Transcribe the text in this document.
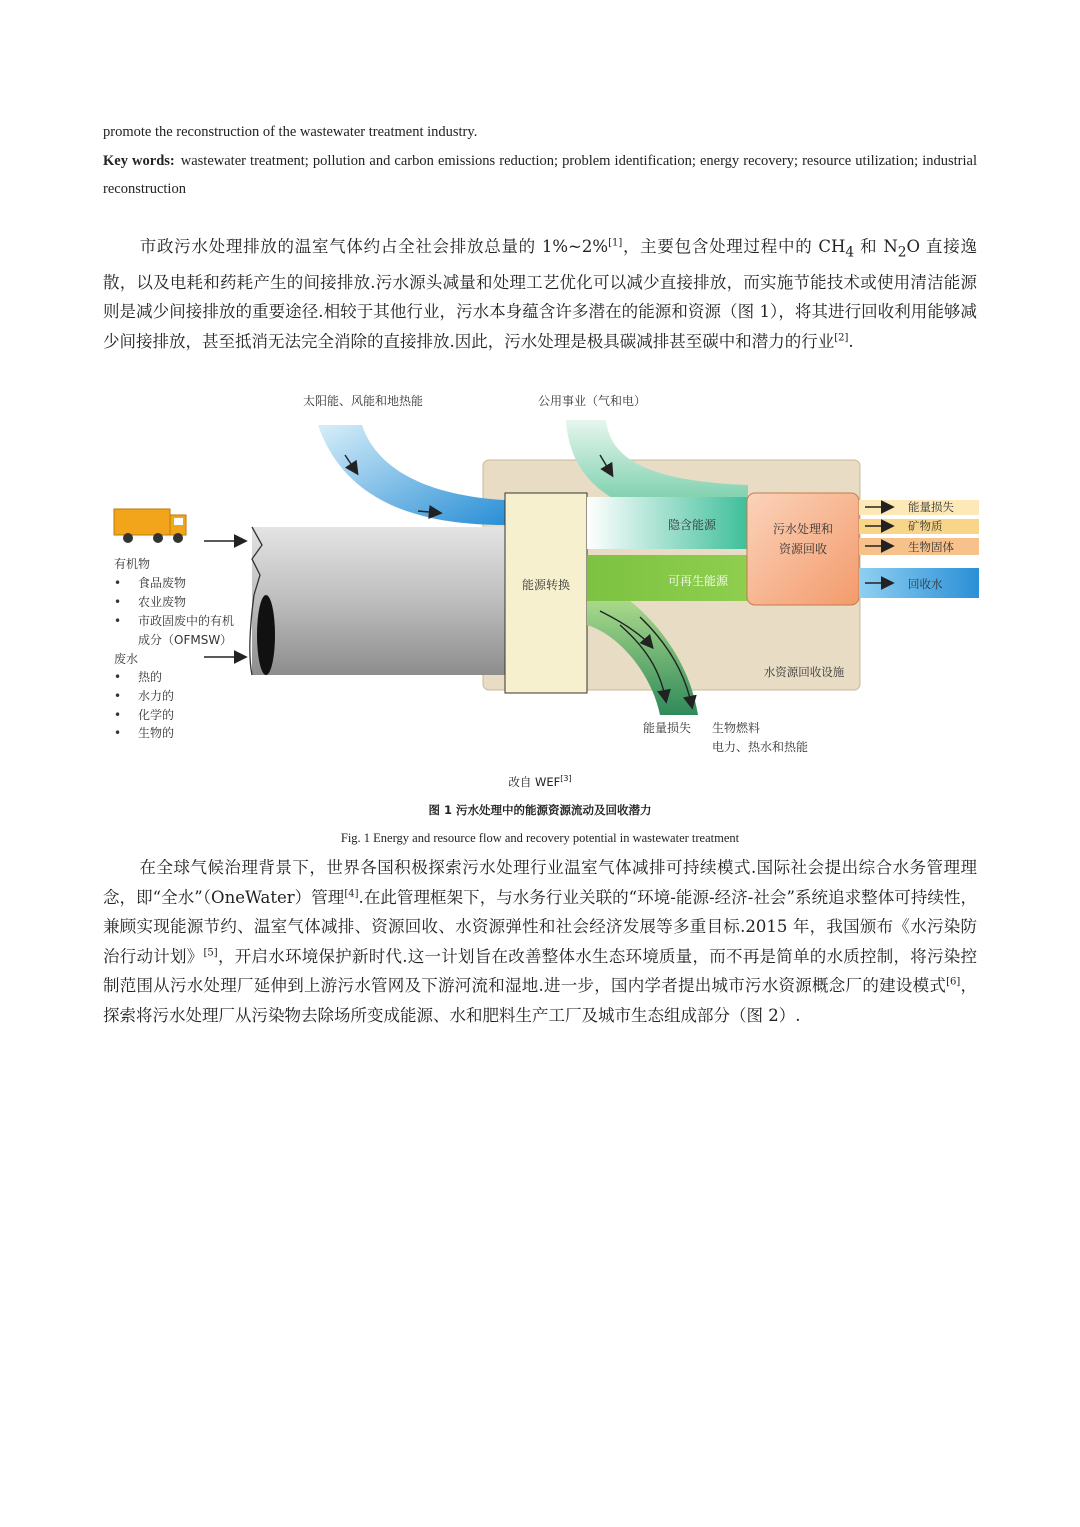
promote the reconstruction of the wastewater treatment industry.
Key words: wastewater treatment; pollution and carbon emissions reduction; problem identification; energy recovery; resource utilization; industrial reconstruction
市政污水处理排放的温室气体约占全社会排放总量的 1%~2%[1]，主要包含处理过程中的 $CH_4$ 和 $N_2O$ 直接逸散，以及电耗和药耗产生的间接排放.污水源头减量和处理工艺优化可以减少直接排放，而实施节能技术或使用清洁能源则是减少间接排放的重要途径.相较于其他行业，污水本身蕴含许多潜在的能源和资源（图 1），将其进行回收利用能够减少间接排放，甚至抵消无法完全消除的直接排放.因此，污水处理是极具碳减排甚至碳中和潜力的行业[2].
能源转换
隐含能源
可再生能源
污水处理和
资源回收
能量损失
矿物质
生物固体
回收水
水资源回收设施
太阳能、风能和地热能	公用事业（气和电）
有机物
• 食品废物
• 农业废物
• 市政固废中的有机
成分（OFMSW）
废水
• 热的
• 水力的
• 化学的
• 生物的	能量损失 生物燃料
电力、热水和热能
改自 WEF[3]
图 1 污水处理中的能源资源流动及回收潜力
Fig. 1 Energy and resource flow and recovery potential in wastewater treatment
在全球气候治理背景下，世界各国积极探索污水处理行业温室气体减排可持续模式.国际社会提出综合水务管理理念，即“全水”（OneWater）管理[4].在此管理框架下，与水务行业关联的“环境-能源-经济-社会”系统追求整体可持续性，兼顾实现能源节约、温室气体减排、资源回收、水资源弹性和社会经济发展等多重目标.2015 年，我国颁布《水污染防治行动计划》[5]，开启水环境保护新时代.这一计划旨在改善整体水生态环境质量，而不再是简单的水质控制，将污染控制范围从污水处理厂延伸到上游污水管网及下游河流和湿地.进一步，国内学者提出城市污水资源概念厂的建设模式[6]，探索将污水处理厂从污染物去除场所变成能源、水和肥料生产工厂及城市生态组成部分（图 2）.
